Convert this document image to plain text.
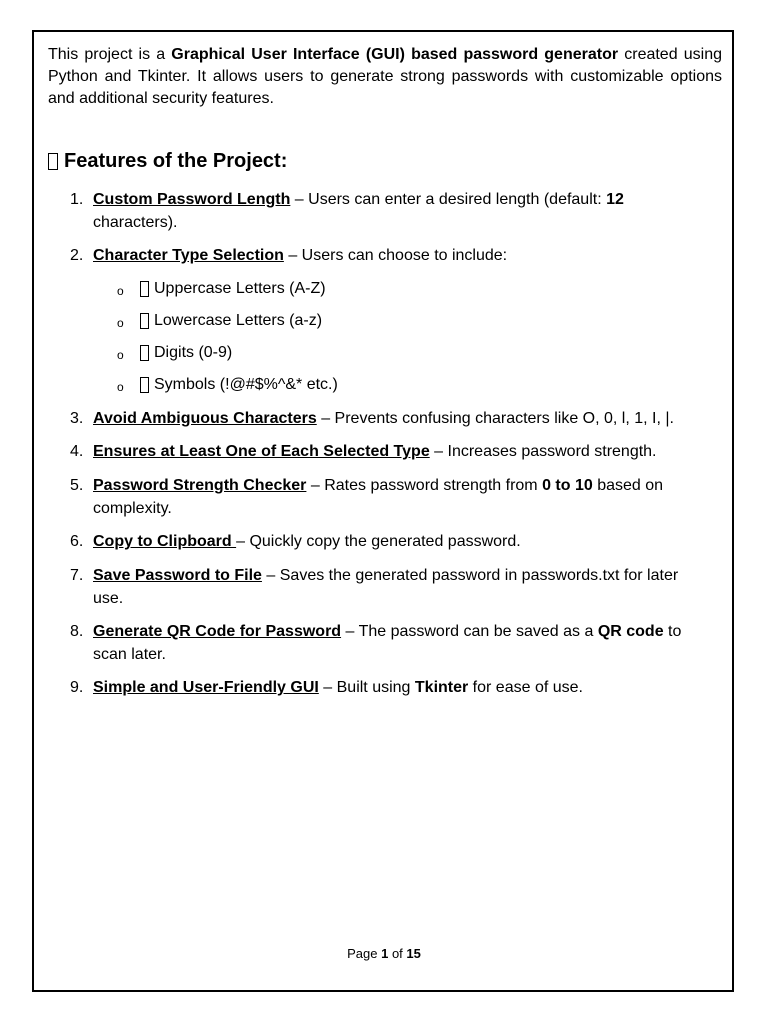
This project is a Graphical User Interface (GUI) based password generator created using Python and Tkinter. It allows users to generate strong passwords with customizable options and additional security features.

Features of the Project:
1. Custom Password Length – Users can enter a desired length (default: 12 characters).
2. Character Type Selection – Users can choose to include:
3. Avoid Ambiguous Characters – Prevents confusing characters like O, 0, l, 1, I, |.
4. Ensures at Least One of Each Selected Type – Increases password strength.
5. Password Strength Checker – Rates password strength from 0 to 10 based on complexity.
6. Copy to Clipboard – Quickly copy the generated password.
7. Save Password to File – Saves the generated password in passwords.txt for later use.
8. Generate QR Code for Password – The password can be saved as a QR code to scan later.
9. Simple and User-Friendly GUI – Built using Tkinter for ease of use.
o Uppercase Letters (A-Z)
o Lowercase Letters (a-z)
o Digits (0-9)
o Symbols (!@#$%^&* etc.)
Page 1 of 15
